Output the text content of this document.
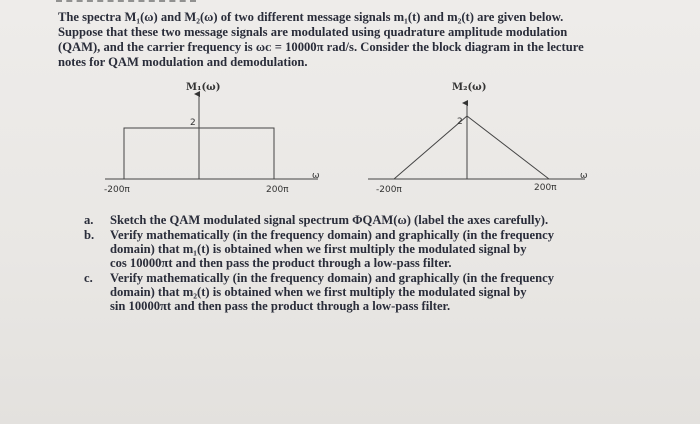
The spectra M₁(ω) and M₂(ω) of two different message signals m₁(t) and m₂(t) are given below.
Suppose that these two message signals are modulated using quadrature amplitude modulation
(QAM), and the carrier frequency is ωᴄ = 10000π rad/s. Consider the block diagram in the lecture
notes for QAM modulation and demodulation.

M₁(ω)
2
-200π	200π
ω
M₂(ω)
2
-200π	200π
ω
a.	Sketch the QAM modulated signal spectrum ΦQAM(ω) (label the axes carefully).
b.	Verify mathematically (in the frequency domain) and graphically (in the frequency
domain) that m₁(t) is obtained when we first multiply the modulated signal by
cos 10000πt and then pass the product through a low-pass filter.
c.	Verify mathematically (in the frequency domain) and graphically (in the frequency
domain) that m₂(t) is obtained when we first multiply the modulated signal by
sin 10000πt and then pass the product through a low-pass filter.
